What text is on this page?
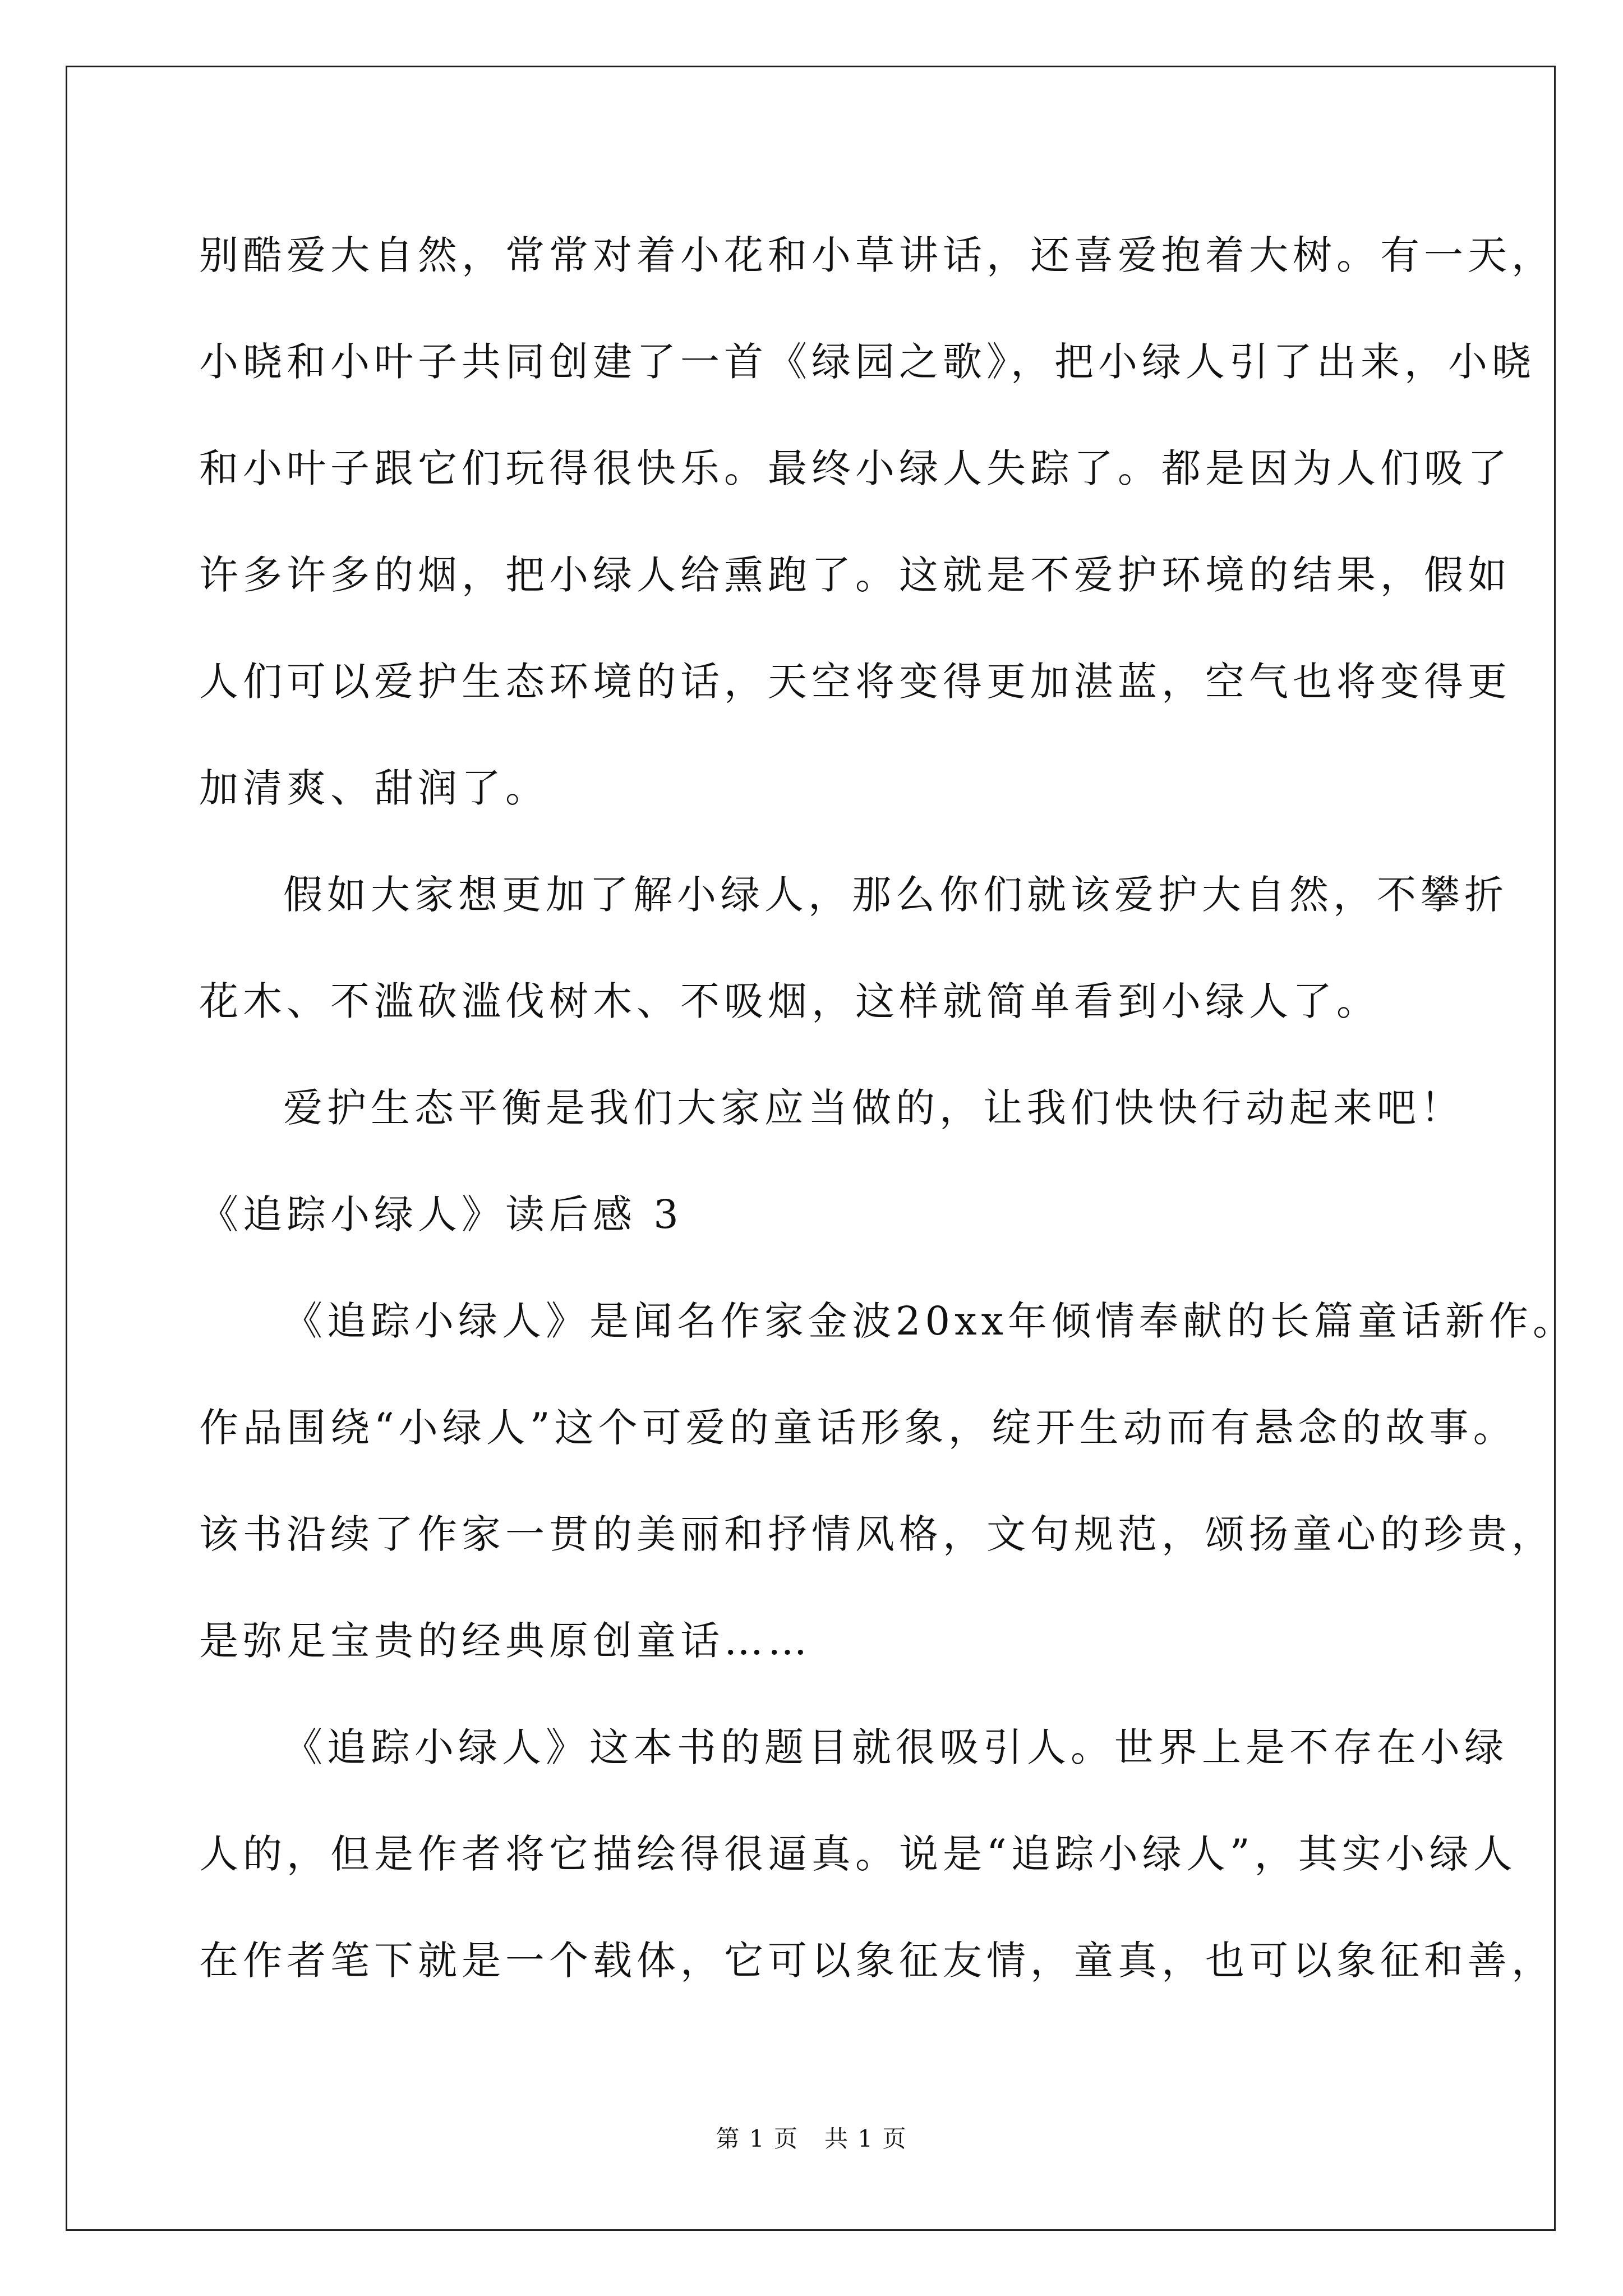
别酷爱大自然，常常对着小花和小草讲话，还喜爱抱着大树。有一天，
小晓和小叶子共同创建了一首《绿园之歌》，把小绿人引了出来，小晓
和小叶子跟它们玩得很快乐。最终小绿人失踪了。都是因为人们吸了
许多许多的烟，把小绿人给熏跑了。这就是不爱护环境的结果，假如
人们可以爱护生态环境的话，天空将变得更加湛蓝，空气也将变得更
加清爽、甜润了。
假如大家想更加了解小绿人，那么你们就该爱护大自然，不攀折
花木、不滥砍滥伐树木、不吸烟，这样就简单看到小绿人了。
爱护生态平衡是我们大家应当做的，让我们快快行动起来吧！
《追踪小绿人》读后感 3
《追踪小绿人》是闻名作家金波20xx年倾情奉献的长篇童话新作。
作品围绕“小绿人”这个可爱的童话形象，绽开生动而有悬念的故事。
该书沿续了作家一贯的美丽和抒情风格，文句规范，颂扬童心的珍贵，
是弥足宝贵的经典原创童话……
《追踪小绿人》这本书的题目就很吸引人。世界上是不存在小绿
人的，但是作者将它描绘得很逼真。说是“追踪小绿人”，其实小绿人
在作者笔下就是一个载体，它可以象征友情，童真，也可以象征和善，
第 1 页   共 1 页
